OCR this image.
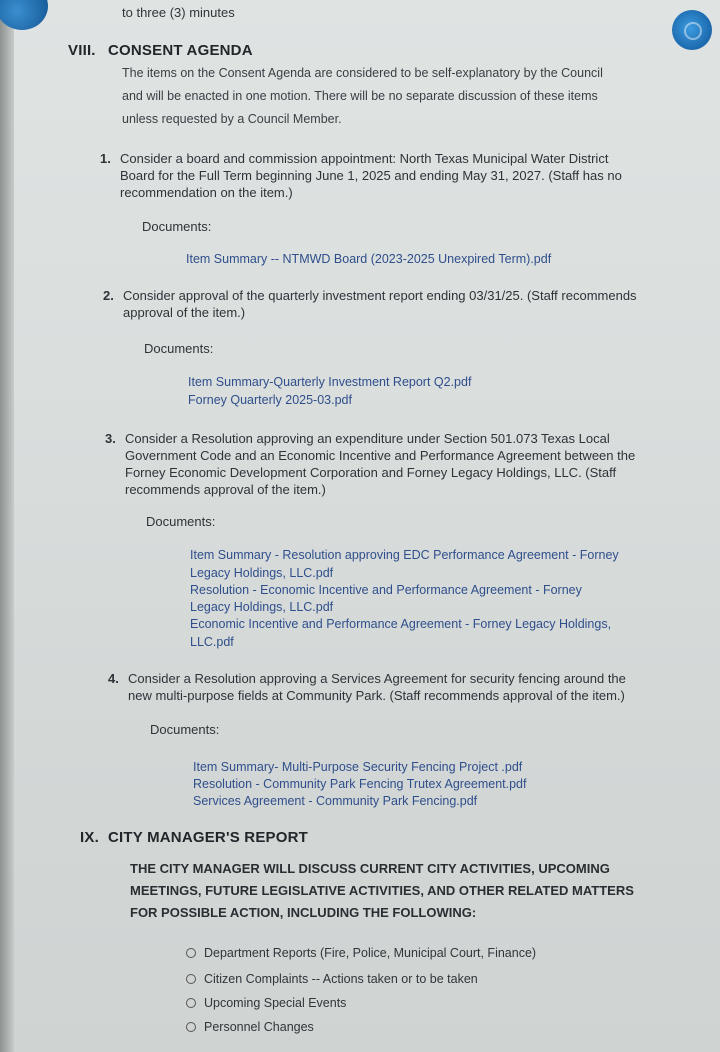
to three (3) minutes
VIII. CONSENT AGENDA
The items on the Consent Agenda are considered to be self-explanatory by the Council
and will be enacted in one motion. There will be no separate discussion of these items
unless requested by a Council Member.
1. Consider a board and commission appointment: North Texas Municipal Water District
Board for the Full Term beginning June 1, 2025 and ending May 31, 2027. (Staff has no
recommendation on the item.)
Documents:
Item Summary -- NTMWD Board (2023-2025 Unexpired Term).pdf
2. Consider approval of the quarterly investment report ending 03/31/25. (Staff recommends
approval of the item.)
Documents:
Item Summary-Quarterly Investment Report Q2.pdf
Forney Quarterly 2025-03.pdf
3. Consider a Resolution approving an expenditure under Section 501.073 Texas Local
Government Code and an Economic Incentive and Performance Agreement between the
Forney Economic Development Corporation and Forney Legacy Holdings, LLC. (Staff
recommends approval of the item.)
Documents:
Item Summary - Resolution approving EDC Performance Agreement - Forney
Legacy Holdings, LLC.pdf
Resolution - Economic Incentive and Performance Agreement - Forney
Legacy Holdings, LLC.pdf
Economic Incentive and Performance Agreement - Forney Legacy Holdings,
LLC.pdf
4. Consider a Resolution approving a Services Agreement for security fencing around the
new multi-purpose fields at Community Park. (Staff recommends approval of the item.)
Documents:
Item Summary- Multi-Purpose Security Fencing Project .pdf
Resolution - Community Park Fencing Trutex Agreement.pdf
Services Agreement - Community Park Fencing.pdf
IX. CITY MANAGER'S REPORT
THE CITY MANAGER WILL DISCUSS CURRENT CITY ACTIVITIES, UPCOMING
MEETINGS, FUTURE LEGISLATIVE ACTIVITIES, AND OTHER RELATED MATTERS
FOR POSSIBLE ACTION, INCLUDING THE FOLLOWING:
Department Reports (Fire, Police, Municipal Court, Finance)
Citizen Complaints -- Actions taken or to be taken
Upcoming Special Events
Personnel Changes
